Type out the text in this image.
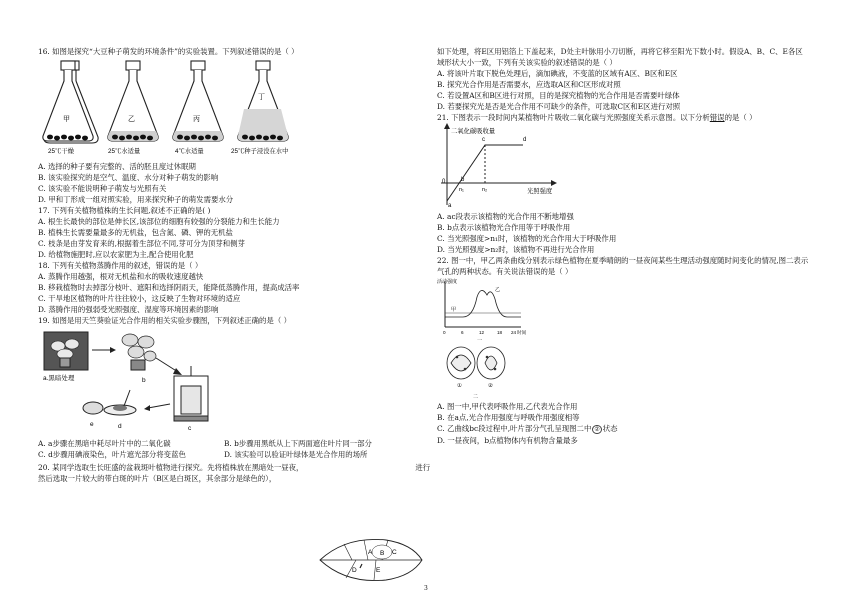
16. 如图是探究“大豆种子萌发的环境条件”的实验装置。下列叙述错误的是（ ）

甲	乙	丙
丁
25℃干燥	25℃水适量	4℃水适量	25℃种子浸没在水中

A. 选择的种子要有完整的、活的胚且度过休眠期

B. 该实验探究的是空气、温度、水分对种子萌发的影响

C. 该实验不能说明种子萌发与光照有关

D. 甲和丁形成一组对照实验，用来探究种子的萌发需要水分

17. 下列有关植物植株的生长问题,叙述不正确的是( )

A. 根生长最快的部位是伸长区,该部位的细胞有较强的分裂能力和生长能力

B. 植株生长需要量最多的无机盐，包含氮、磷、钾的无机盐

C. 枝条是由芽发育来的,根据着生部位不同,芽可分为顶芽和侧芽

D. 给植物施肥时,应以农家肥为主,配合使用化肥

18. 下列有关植物蒸腾作用的叙述，错误的是（ ）

A. 蒸腾作用越强，根对无机盐和水的吸收速度越快

B. 移栽植物时去掉部分枝叶、遮阳和选择阴雨天，能降低蒸腾作用，提高成活率

C. 干旱地区植物的叶片往往较小，这反映了生物对环境的适应

D. 蒸腾作用的强弱受光照强度、湿度等环境因素的影响

19. 如图是用天竺葵验证光合作用的相关实验步骤图，下列叙述正确的是（ ）

a.黑暗处理	b
c
d
e

A. a步骤在黑暗中耗尽叶片中的二氧化碳	B. b步骤用黑纸从上下两面遮住叶片同一部分

C. d步骤用碘液染色，叶片遮光部分将变蓝色	D. 该实验可以验证叶绿体是光合作用的场所

20. 某同学选取生长旺盛的盆栽斑叶植物进行探究。先将植株放在黑暗处一昼夜，	进行

然后选取一片较大的带白斑的叶片（B区是白斑区，其余部分是绿色的），

A B C
D	E

如下处理，将E区用铝箔上下盖起来，D处主叶脉用小刀切断，再将它移至阳光下数小时。假设A、B、C、E各区

域形状大小一致，下列有关该实验的叙述错误的是（ ）

A. 将该叶片取下脱色处理后，滴加碘液，不变蓝的区域有A区、B区和E区

B. 探究光合作用是否需要水，应选取A区和C区形成对照

C. 若设置A区和B区进行对照，目的是探究植物的光合作用是否需要叶绿体

D. 若要探究光是否是光合作用不可缺少的条件，可选取C区和E区进行对照

21. 下图表示一段时间内某植物叶片吸收二氧化碳与光照强度关系示意图。以下分析错误的是（ ）

二氧化碳吸收量
光照强度
0
a
b
c	d
n₁	n₂

A. ac段表示该植物的光合作用不断地增强

B. b点表示该植物光合作用等于呼吸作用

C. 当光照强度>n₁时，该植物的光合作用大于呼吸作用

D. 当光照强度>n₂时，该植物不再进行光合作用

22. 图一中，甲乙两条曲线分别表示绿色植物在夏季晴朗的一昼夜间某些生理活动强度随时间变化的情况,图二表示

气孔的两种状态。有关说法错误的是（ ）

活动强度
甲
乙
0	6	12	18 24 时间
一
①	②
二

A. 图一中,甲代表呼吸作用,乙代表光合作用

B. 在a点,光合作用强度与呼吸作用强度相等

C. 乙曲线bc段过程中,叶片部分气孔呈现图二中 ② 状态

D. 一昼夜间，b点植物体内有机物含量最多

3
